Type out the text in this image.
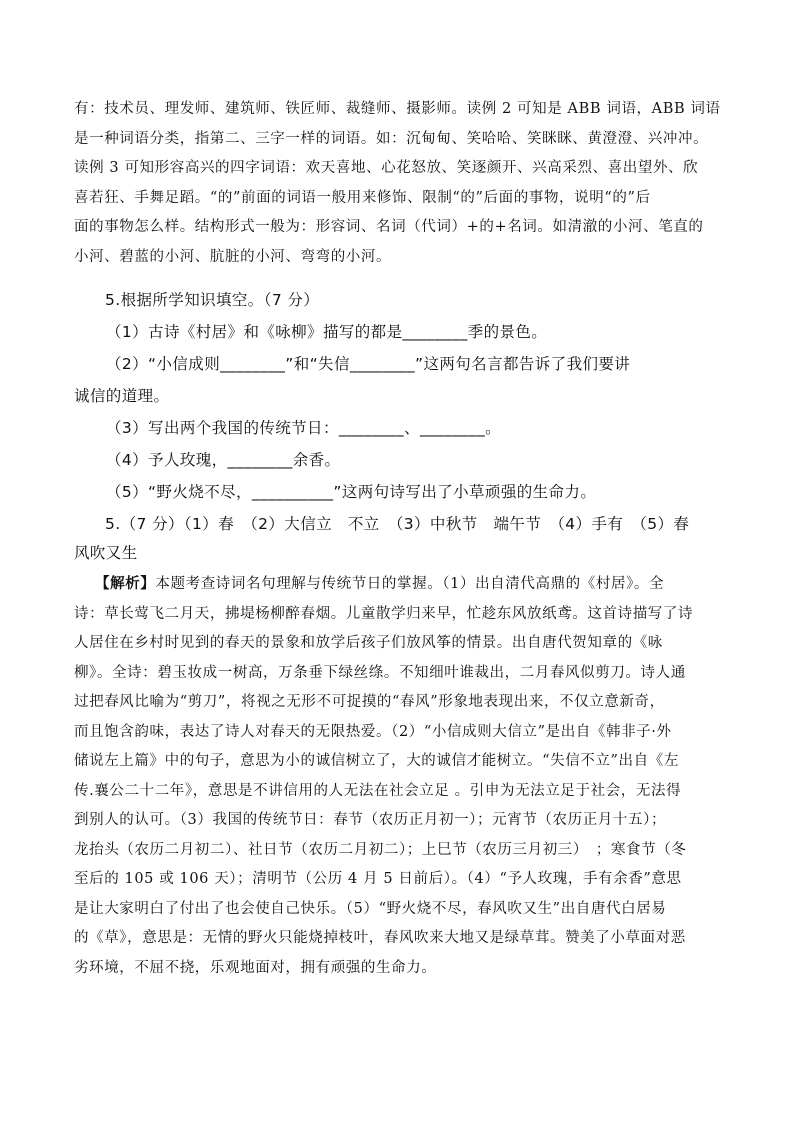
有：技术员、理发师、建筑师、铁匠师、裁缝师、摄影师。读例 2 可知是 ABB 词语，ABB 词语

是一种词语分类，指第二、三字一样的词语。如：沉甸甸、笑哈哈、笑眯眯、黄澄澄、兴冲冲。

读例 3 可知形容高兴的四字词语：欢天喜地、心花怒放、笑逐颜开、兴高采烈、喜出望外、欣

喜若狂、手舞足蹈。“的”前面的词语一般用来修饰、限制“的”后面的事物，说明“的”后

面的事物怎么样。结构形式一般为：形容词、名词（代词）+的+名词。如清澈的小河、笔直的

小河、碧蓝的小河、肮脏的小河、弯弯的小河。

5.根据所学知识填空。（7 分）

（1）古诗《村居》和《咏柳》描写的都是________季的景色。

（2）“小信成则________”和“失信________”这两句名言都告诉了我们要讲

诚信的道理。

（3）写出两个我国的传统节日：________、________。

（4）予人玫瑰，________余香。

（5）“野火烧不尽，__________”这两句诗写出了小草顽强的生命力。

5.（7 分）（1）春　（2）大信立　不立　（3）中秋节　端午节　（4）手有　（5）春

风吹又生

【解析】本题考查诗词名句理解与传统节日的掌握。（1）出自清代高鼎的《村居》。全

诗：草长莺飞二月天，拂堤杨柳醉春烟。儿童散学归来早，忙趁东风放纸鸢。这首诗描写了诗

人居住在乡村时见到的春天的景象和放学后孩子们放风筝的情景。出自唐代贺知章的《咏

柳》。全诗：碧玉妆成一树高，万条垂下绿丝绦。不知细叶谁裁出，二月春风似剪刀。诗人通

过把春风比喻为“剪刀”，将视之无形不可捉摸的“春风”形象地表现出来，不仅立意新奇，

而且饱含韵味，表达了诗人对春天的无限热爱。（2）“小信成则大信立”是出自《韩非子·外

储说左上篇》中的句子，意思为小的诚信树立了，大的诚信才能树立。“失信不立”出自《左

传.襄公二十二年》，意思是不讲信用的人无法在社会立足 。引申为无法立足于社会，无法得

到别人的认可。（3）我国的传统节日：春节（农历正月初一）；元宵节（农历正月十五）；

龙抬头（农历二月初二）、社日节（农历二月初二）；上巳节（农历三月初三）　；寒食节（冬

至后的 105 或 106 天）；清明节（公历 4 月 5 日前后）。（4）“予人玫瑰，手有余香”意思

是让大家明白了付出了也会使自己快乐。（5）“野火烧不尽，春风吹又生”出自唐代白居易

的《草》，意思是：无情的野火只能烧掉枝叶，春风吹来大地又是绿草茸。赞美了小草面对恶

劣环境，不屈不挠，乐观地面对，拥有顽强的生命力。
